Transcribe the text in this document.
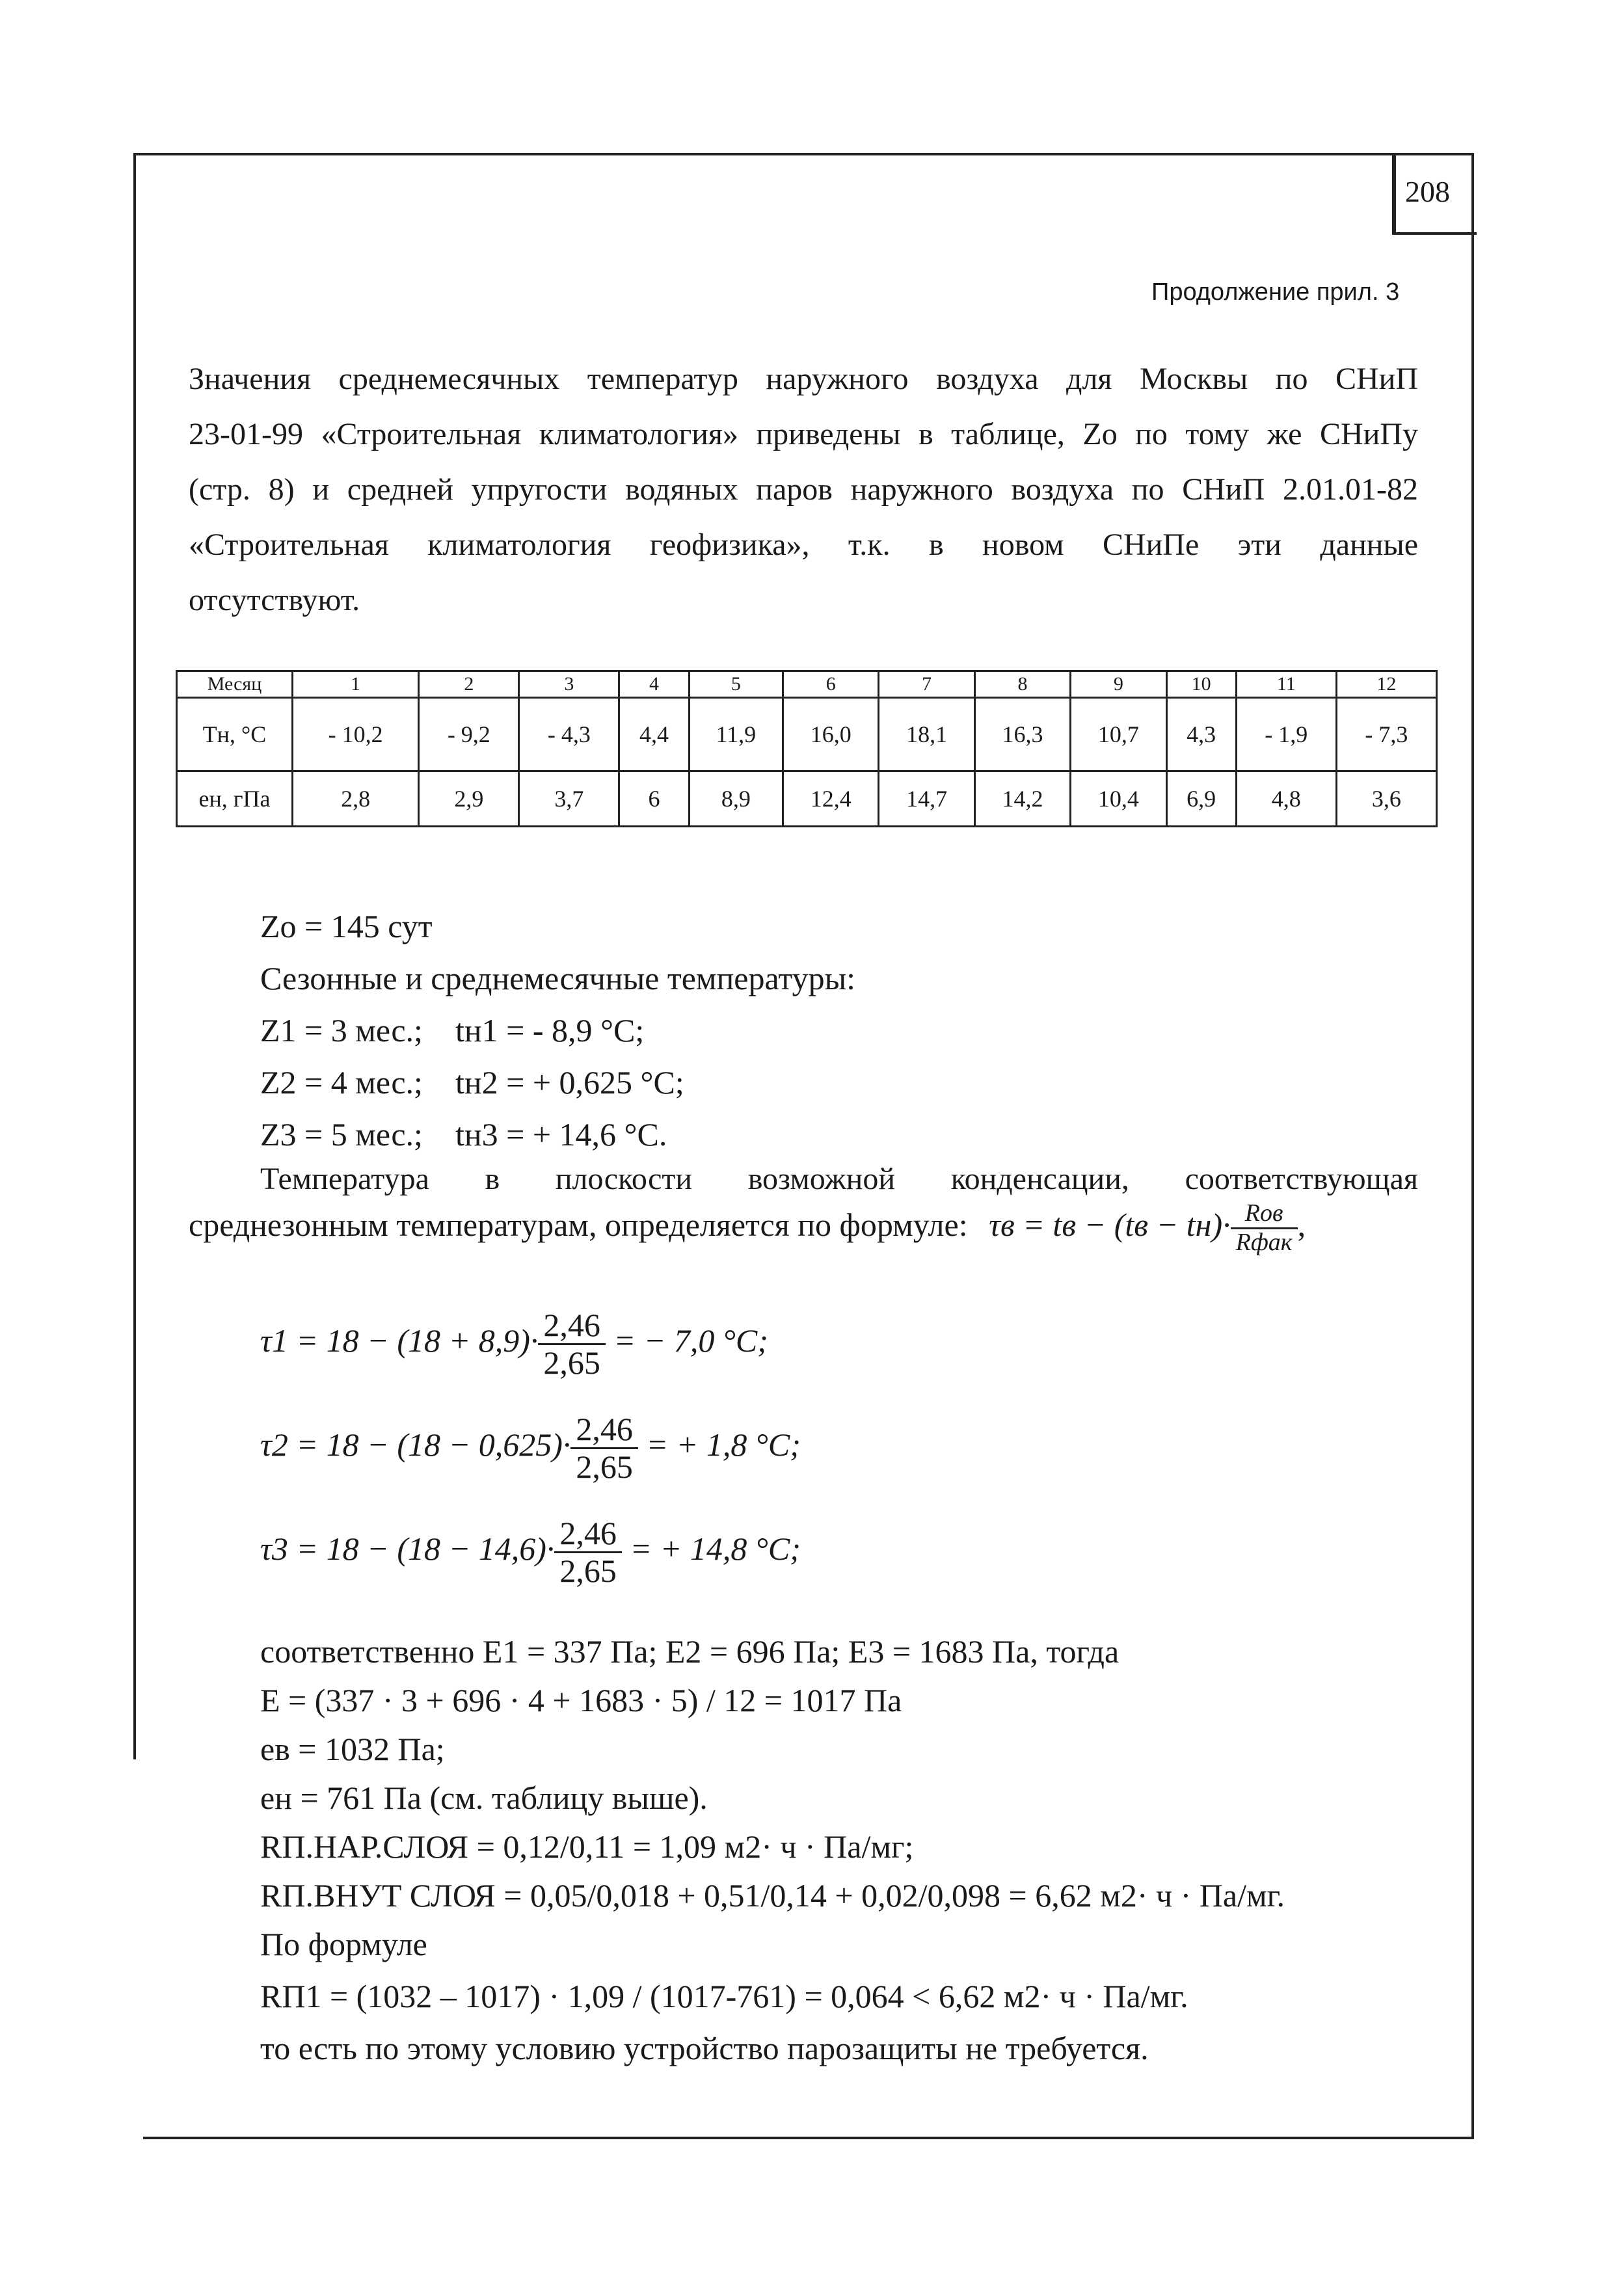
208
Продолжение прил. 3
Значения среднемесячных температур наружного воздуха для Москвы по СНиП
23-01-99 «Строительная климатология» приведены в таблице, Zо по тому же СНиПу
(стр. 8) и средней упругости водяных паров наружного воздуха по СНиП 2.01.01-82
«Строительная климатология геофизика», т.к. в новом СНиПе эти данные
отсутствуют.
Месяц	1	2	3	4	5	6	7	8	9	10	11	12
Тн, °С	- 10,2	- 9,2	- 4,3	4,4	11,9	16,0	18,1	16,3	10,7	4,3	- 1,9	- 7,3
ен, гПа	2,8	2,9	3,7	6	8,9	12,4	14,7	14,2	10,4	6,9	4,8	3,6
Zo = 145 сут
Сезонные и среднемесячные температуры:
Z1 = 3 мес.; tн1 = - 8,9 °С;
Z2 = 4 мес.; tн2 = + 0,625 °С;
Z3 = 5 мес.; tн3 = + 14,6 °С.
Температура в плоскости возможной конденсации, соответствующая
среднезонным температурам, определяется по формуле: τв = tв − $(tв - tн)\cdot \frac{\text{Rов}}{\text{Rфак}}$ ,
$\tau 1 = 18 - (18 + 8,9)\cdot \frac{2,46}{2,65}$ = − 7,0 °C;
$\tau 2 = 18 - (18 - 0,625)\cdot \frac{2,46}{2,65}$ = + 1,8 °C;
$\tau 3 = 18 - (18 - 14,6)\cdot \frac{2,46}{2,65}$ = + 14,8 °C;
соответственно E1 = 337 Па; E2 = 696 Па; E3 = 1683 Па, тогда
E = (337 · 3 + 696 · 4 + 1683 · 5) / 12 = 1017 Па
ев = 1032 Па;
ен = 761 Па (см. таблицу выше).
RП.НАР.СЛОЯ = 0,12/0,11 = 1,09 м2· ч · Па/мг;
RП.ВНУТ СЛОЯ = 0,05/0,018 + 0,51/0,14 + 0,02/0,098 = 6,62 м2· ч · Па/мг.
По формуле
RП1 = (1032 – 1017) · 1,09 / (1017-761) = 0,064 < 6,62 м2· ч · Па/мг.
то есть по этому условию устройство парозащиты не требуется.
